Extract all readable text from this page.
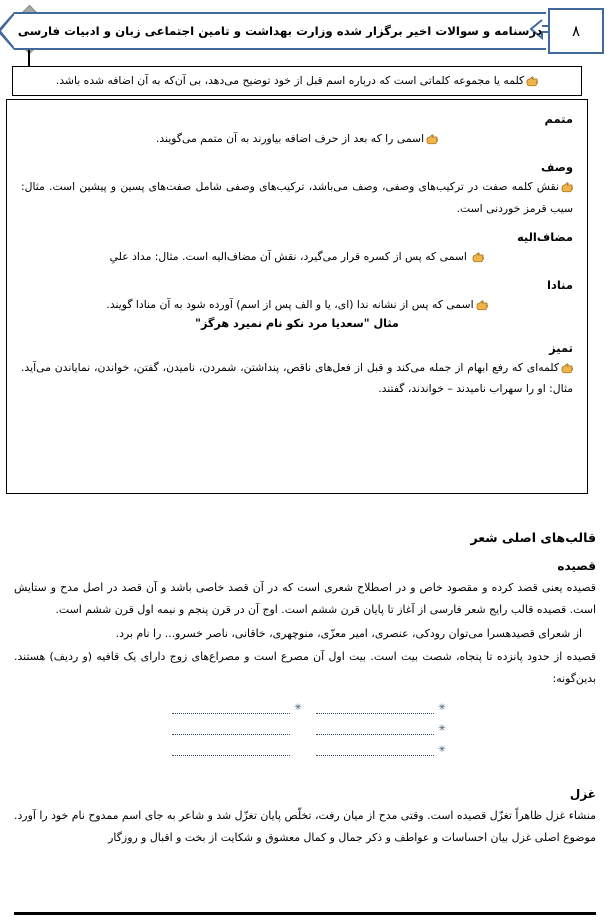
درسنامه و سوالات اخیر برگزار شده وزارت بهداشت و تامین اجتماعی زبان و ادبیات فارسی	۸
کلمه یا مجموعه کلماتی است که درباره اسم قبل از خود توضیح می‌دهد، بی آن‌که به آن اضافه شده باشد.
متمم
اسمی را که بعد از حرف اضافه بیاورند به آن متمم می‌گویند.
وصف
نقش کلمه صفت در ترکیب‌های وصفی، وصف می‌باشد، ترکیب‌های وصفی شامل صفت‌های پسین و پیشین است. مثال: سیب قرمز خوردنی است.
مضاف‌الیه
اسمی که پس از کسره قرار می‌گیرد، نقش آن مضاف‌الیه است. مثال: مداد علیِ
منادا
اسمی که پس از نشانه ندا (ای، یا و الف پس از اسم) آورده شود به آن منادا گویند.
مثال "سعدیا مرد نکو نام نمیرد هرگز"
تمیز
کلمه‌ای که رفع ابهام از جمله می‌کند و قبل از فعل‌های ناقص، پنداشتن، شمردن، نامیدن، گفتن، خواندن، نمایاندن می‌آید. مثال: او را سهراب نامیدند – خواندند، گفتند.
قالب‌های اصلی شعر
قصیده
قصیده یعنی قصد کرده و مقصود خاص و در اصطلاح شعری است که در آن قصد خاصی باشد و آن قصد در اصل مدح و ستایش است. قصیده قالب رایج شعر فارسی از آغاز تا پایان قرن ششم است. اوج آن در قرن پنجم و نیمه اول قرن ششم است.
از شعرای قصیدهسرا می‌توان رودکی، عنصری، امیر معزّی، منوچهری، خاقانی، ناصر خسرو... را نام برد.
قصیده از حدود پانزده تا پنجاه، شصت بیت است. بیت اول آن مصرع است و مصراع‌های زوج دارای یک قافیه (و ردیف) هستند. بدین‌گونه:
✳
✳
✳
✳
غزل
منشاء غزل ظاهراً تغزّل قصیده است. وقتی مدح از میان رفت، تخلّص پایان تغزّل شد و شاعر به جای اسم ممدوح نام خود را آورد. موضوع اصلی غزل بیان احساسات و عواطف و ذکر جمال و کمال معشوق و شکایت از بخت و اقبال و روزگار
